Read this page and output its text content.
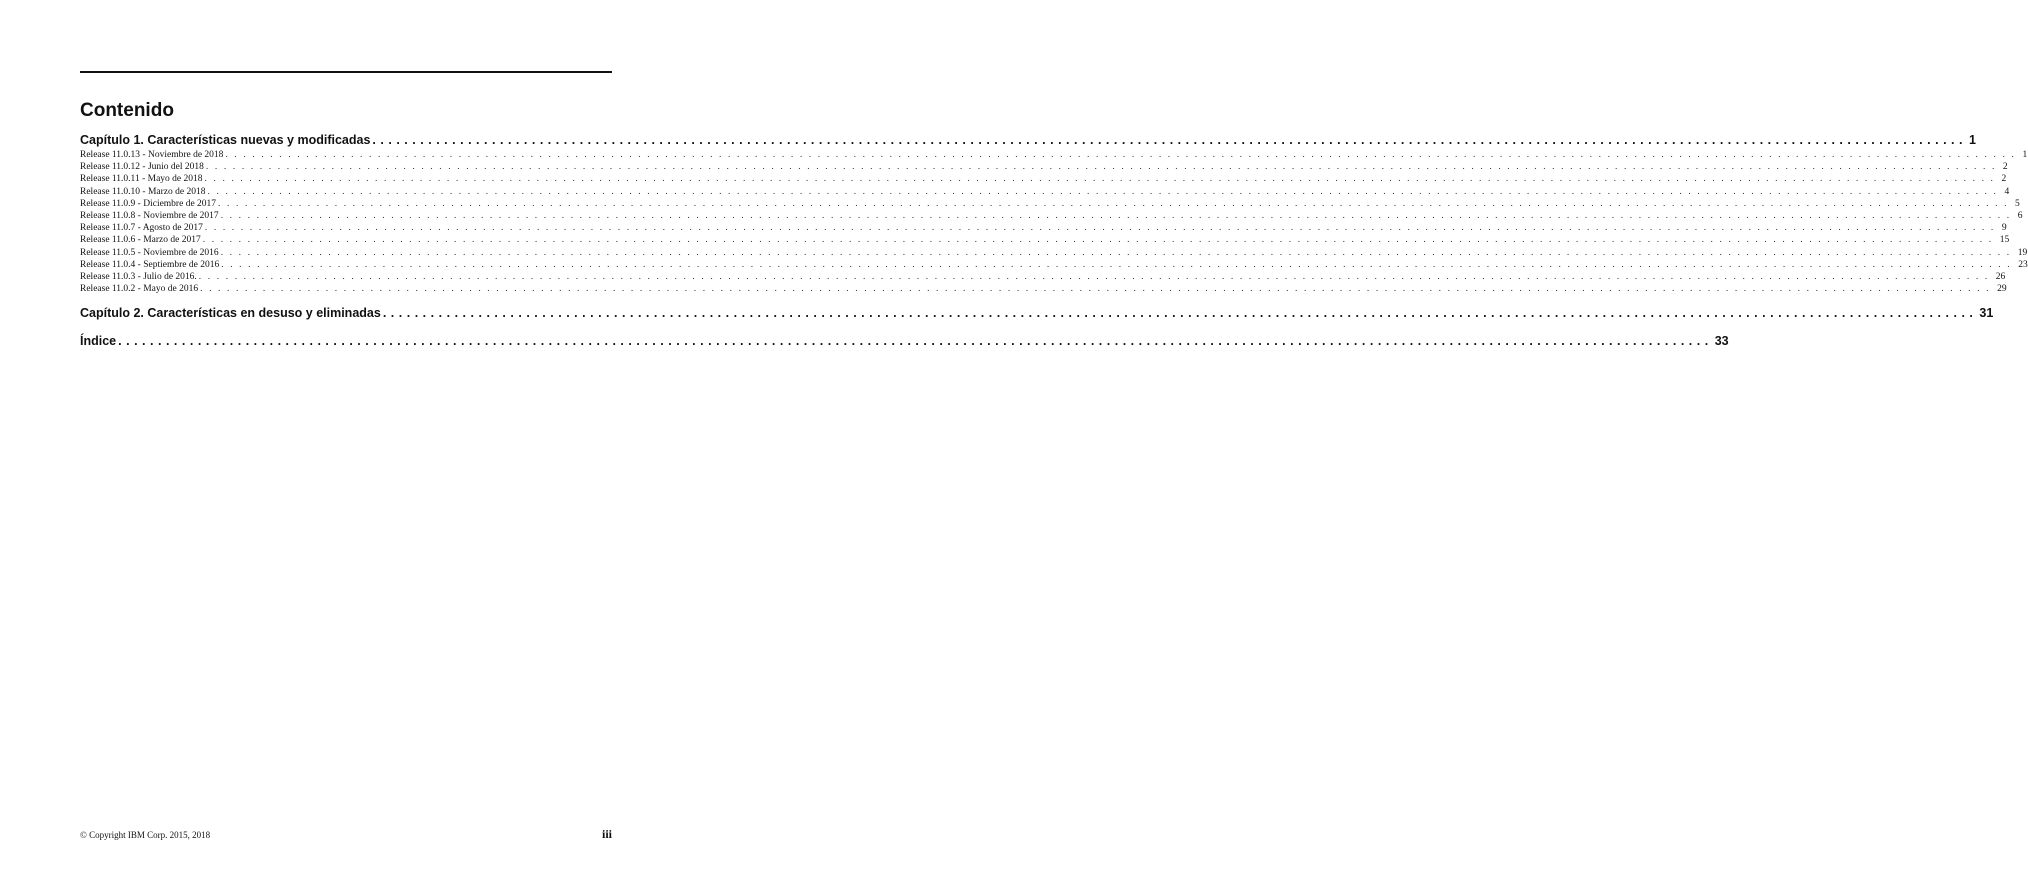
Contenido
Capítulo 1. Características nuevas y modificadas ........................................................................................................................................................................................................ 1
Release 11.0.13 - Noviembre de 2018 ........................................................................................................................................................................................................ 1
Release 11.0.12 - Junio del 2018 ........................................................................................................................................................................................................ 2
Release 11.0.11 - Mayo de 2018 ........................................................................................................................................................................................................ 2
Release 11.0.10 - Marzo de 2018 ........................................................................................................................................................................................................ 4
Release 11.0.9 - Diciembre de 2017 ........................................................................................................................................................................................................ 5
Release 11.0.8 - Noviembre de 2017 ........................................................................................................................................................................................................ 6
Release 11.0.7 - Agosto de 2017 ........................................................................................................................................................................................................ 9
Release 11.0.6 - Marzo de 2017 ........................................................................................................................................................................................................ 15
Release 11.0.5 - Noviembre de 2016 ........................................................................................................................................................................................................ 19
Release 11.0.4 - Septiembre de 2016 ........................................................................................................................................................................................................ 23
Release 11.0.3 - Julio de 2016. ........................................................................................................................................................................................................ 26
Release 11.0.2 - Mayo de 2016 ........................................................................................................................................................................................................ 29
Capítulo 2. Características en desuso y eliminadas ........................................................................................................................................................................................................ 31
Índice ........................................................................................................................................................................................................ 33
© Copyright IBM Corp. 2015, 2018	iii
